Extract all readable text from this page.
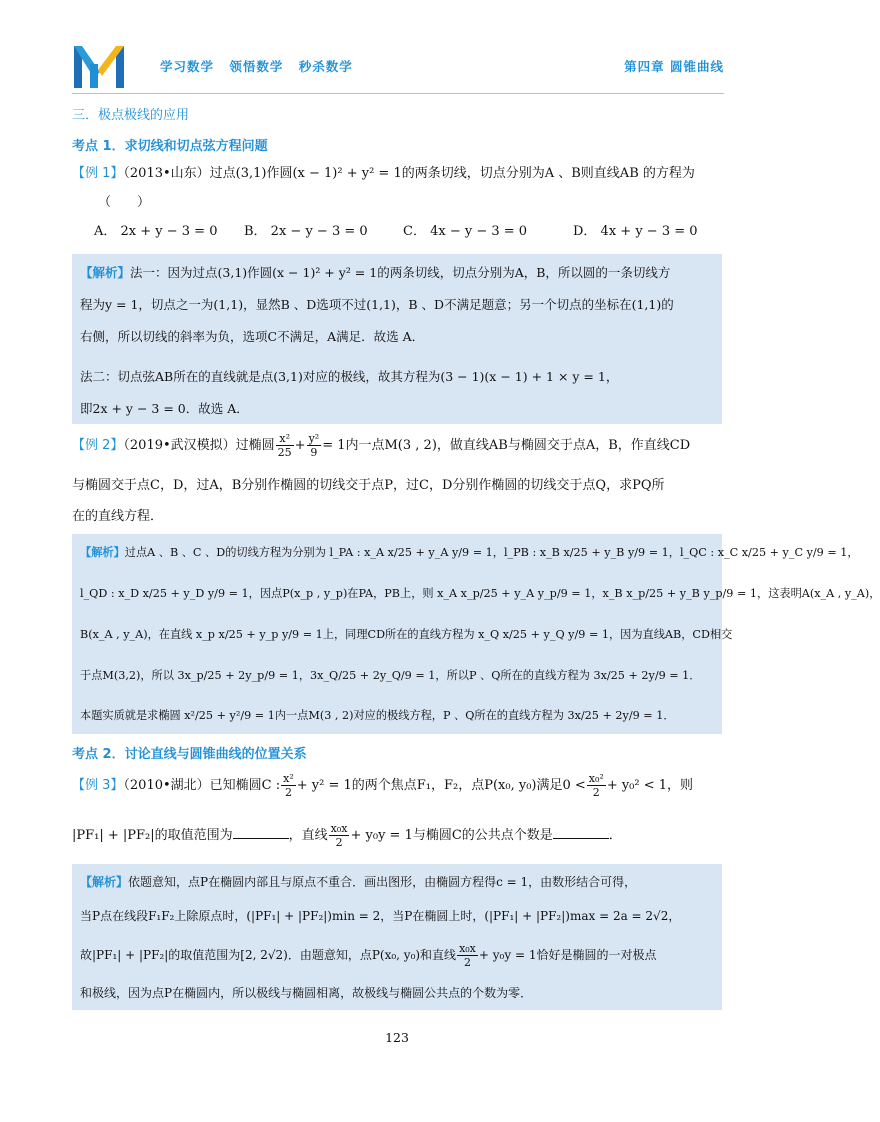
学习数学 领悟数学 秒杀数学	第四章 圆锥曲线
三．极点极线的应用
考点 1．求切线和切点弦方程问题
【例 1】（2013•山东）过点(3,1)作圆(x − 1)² + y² = 1的两条切线，切点分别为A 、B则直线AB 的方程为
（　　）
A． 2x + y − 3 = 0 B． 2x − y − 3 = 0	C． 4x − y − 3 = 0	D． 4x + y − 3 = 0
【解析】法一：因为过点(3,1)作圆(x − 1)² + y² = 1的两条切线，切点分别为A，B，所以圆的一条切线方
程为y = 1，切点之一为(1,1)，显然B 、D选项不过(1,1)，B 、D不满足题意；另一个切点的坐标在(1,1)的
右侧，所以切线的斜率为负，选项C不满足，A满足．故选 A．
法二：切点弦AB所在的直线就是点(3,1)对应的极线，故其方程为(3 − 1)(x − 1) + 1 × y = 1，
即2x + y − 3 = 0．故选 A．
【例 2】（2019•武汉模拟）过椭圆 $\frac{\text{x²}}{25} + \frac{\text{y²}}{9} = 1$内一点M(3 , 2)，做直线AB与椭圆交于点A，B，作直线CD
与椭圆交于点C，D，过A，B分别作椭圆的切线交于点P，过C，D分别作椭圆的切线交于点Q，求PQ所
在的直线方程．
【解析】过点A 、B 、C 、D的切线方程为分别为 l_PA : x_A x/25 + y_A y/9 = 1，l_PB : x_B x/25 + y_B y/9 = 1，l_QC : x_C x/25 + y_C y/9 = 1，
l_QD : x_D x/25 + y_D y/9 = 1，因点P(x_p , y_p)在PA，PB上，则 x_A x_p/25 + y_A y_p/9 = 1，x_B x_p/25 + y_B y_p/9 = 1，这表明A(x_A , y_A)，
B(x_A , y_A)，在直线 x_p x/25 + y_p y/9 = 1上，同理CD所在的直线方程为 x_Q x/25 + y_Q y/9 = 1，因为直线AB，CD相交
于点M(3,2)，所以 3x_p/25 + 2y_p/9 = 1，3x_Q/25 + 2y_Q/9 = 1，所以P 、Q所在的直线方程为 3x/25 + 2y/9 = 1．
本题实质就是求椭圆 x²/25 + y²/9 = 1内一点M(3 , 2)对应的极线方程，P 、Q所在的直线方程为 3x/25 + 2y/9 = 1．
考点 2．讨论直线与圆锥曲线的位置关系
【例 3】（2010•湖北）已知椭圆C : $\frac{\text{x²}}{2} + y^2 = 1$的两个焦点F₁，F₂，点P(x₀, y₀)满足$0 < \frac{\text{x₀²}}{2} + y_0^2 < 1$，则
|PF₁| + |PF₂|的取值范围为	，直线 $\frac{\text{x₀x}}{2} + y_0y = 1$与椭圆C的公共点个数是	．
【解析】依题意知，点P在椭圆内部且与原点不重合．画出图形，由椭圆方程得c = 1，由数形结合可得，
当P点在线段F₁F₂上除原点时，(|PF₁| + |PF₂|)min = 2，当P在椭圆上时，(|PF₁| + |PF₂|)max = 2a = 2√2，
故|PF₁| + |PF₂|的取值范围为[2, 2√2)．由题意知，点P(x₀, y₀)和直线 $\frac{\text{x₀x}}{2} + y_0y = 1$恰好是椭圆的一对极点
和极线，因为点P在椭圆内，所以极线与椭圆相离，故极线与椭圆公共点的个数为零．
123
